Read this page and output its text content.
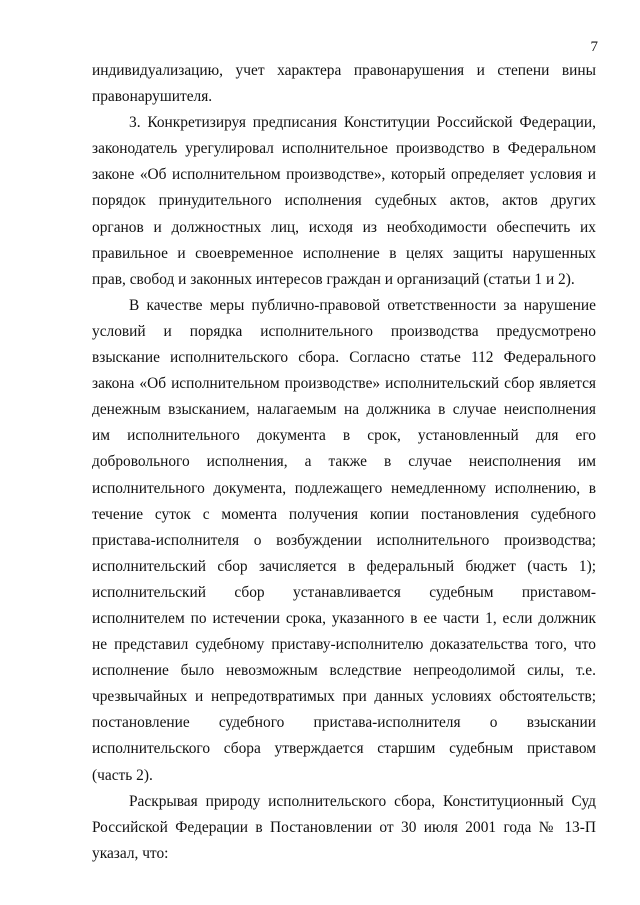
7
индивидуализацию, учет характера правонарушения и степени вины
правонарушителя.
3. Конкретизируя предписания Конституции Российской Федерации,
законодатель урегулировал исполнительное производство в Федеральном
законе «Об исполнительном производстве», который определяет условия и
порядок принудительного исполнения судебных актов, актов других
органов и должностных лиц, исходя из необходимости обеспечить их
правильное и своевременное исполнение в целях защиты нарушенных
прав, свобод и законных интересов граждан и организаций (статьи 1 и 2).
В качестве меры публично-правовой ответственности за нарушение
условий и порядка исполнительного производства предусмотрено
взыскание исполнительского сбора. Согласно статье 112 Федерального
закона «Об исполнительном производстве» исполнительский сбор является
денежным взысканием, налагаемым на должника в случае неисполнения
им исполнительного документа в срок, установленный для его
добровольного исполнения, а также в случае неисполнения им
исполнительного документа, подлежащего немедленному исполнению, в
течение суток с момента получения копии постановления судебного
пристава-исполнителя о возбуждении исполнительного производства;
исполнительский сбор зачисляется в федеральный бюджет (часть 1);
исполнительский сбор устанавливается судебным приставом-
исполнителем по истечении срока, указанного в ее части 1, если должник
не представил судебному приставу-исполнителю доказательства того, что
исполнение было невозможным вследствие непреодолимой силы, т.е.
чрезвычайных и непредотвратимых при данных условиях обстоятельств;
постановление судебного пристава-исполнителя о взыскании
исполнительского сбора утверждается старшим судебным приставом
(часть 2).
Раскрывая природу исполнительского сбора, Конституционный Суд
Российской Федерации в Постановлении от 30 июля 2001 года № 13-П
указал, что:
